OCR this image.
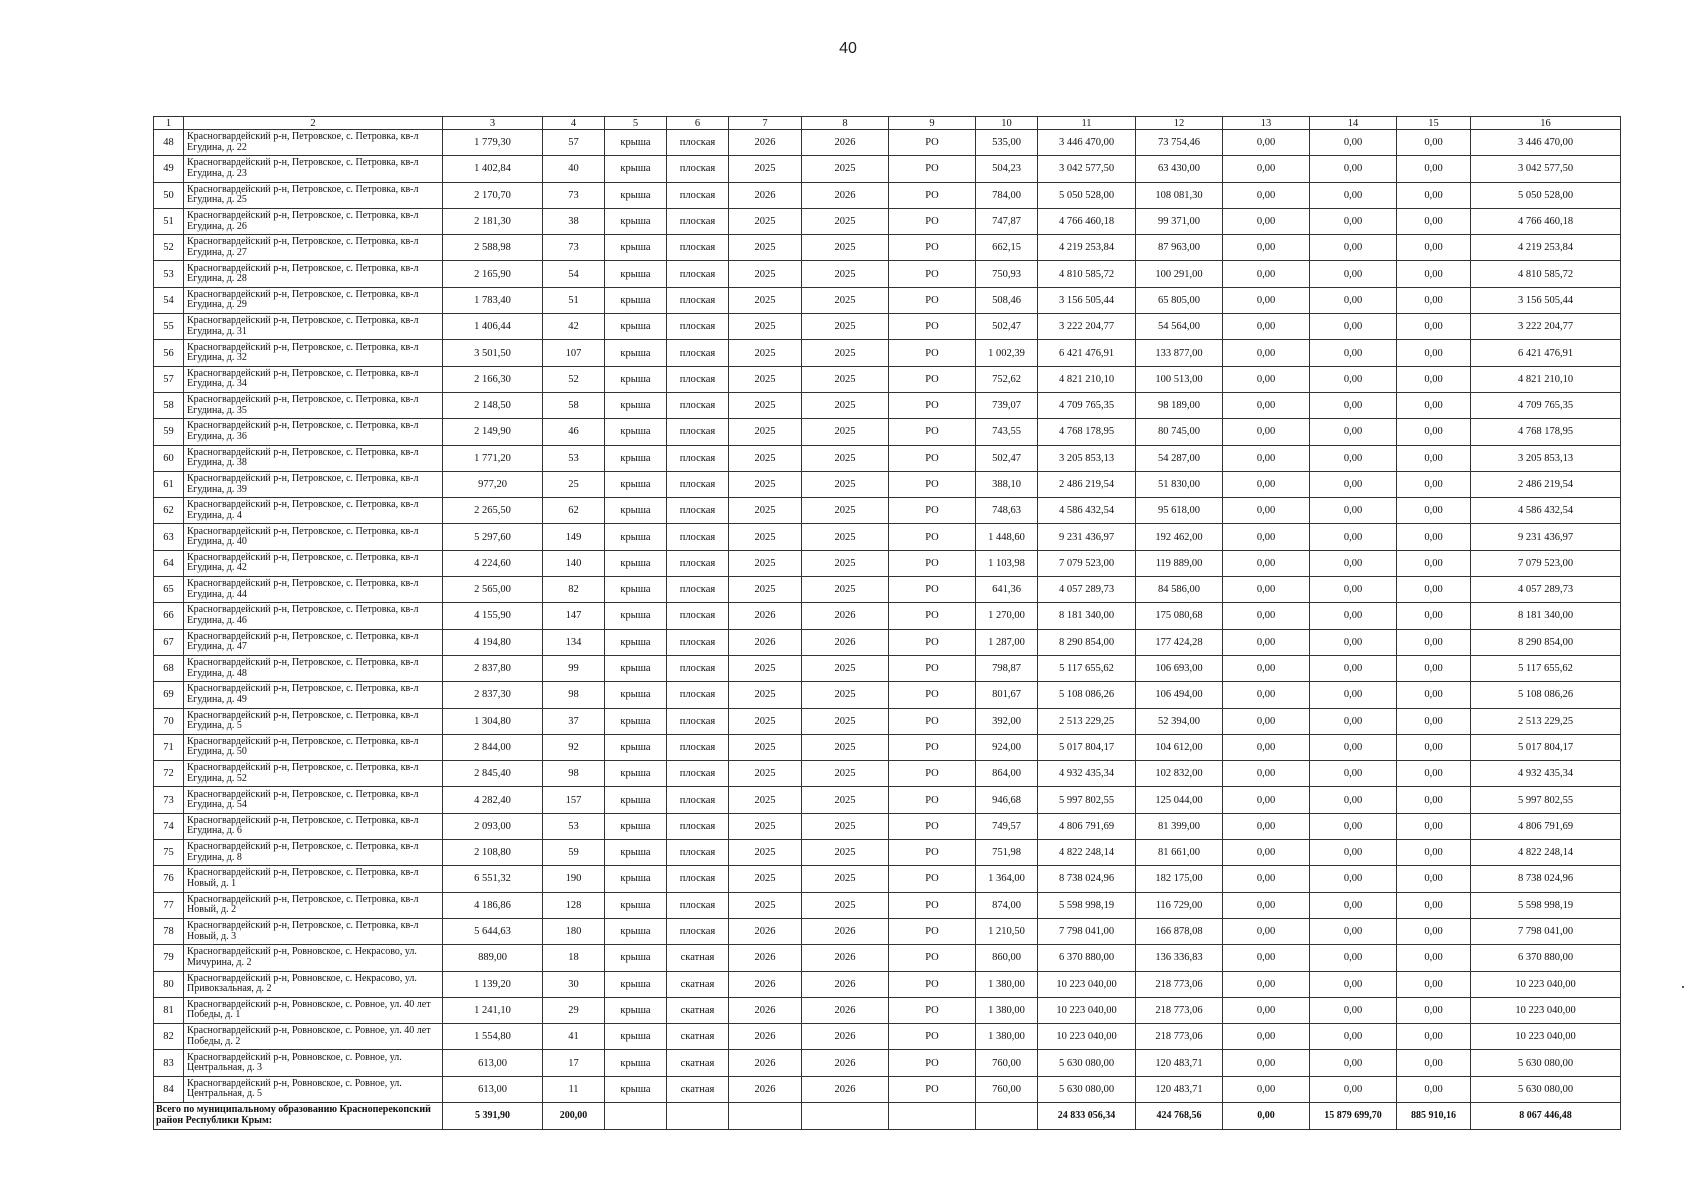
40
1	2	3	4	5	6	7	8	9	10	11	12	13	14	15	16
48	Красногвардейский р-н, Петровское, с. Петровка, кв-л Егудина, д. 22	1 779,30	57	крыша	плоская	2026	2026	РО	535,00	3 446 470,00	73 754,46	0,00	0,00	0,00	3 446 470,00
49	Красногвардейский р-н, Петровское, с. Петровка, кв-л Егудина, д. 23	1 402,84	40	крыша	плоская	2025	2025	РО	504,23	3 042 577,50	63 430,00	0,00	0,00	0,00	3 042 577,50
50	Красногвардейский р-н, Петровское, с. Петровка, кв-л Егудина, д. 25	2 170,70	73	крыша	плоская	2026	2026	РО	784,00	5 050 528,00	108 081,30	0,00	0,00	0,00	5 050 528,00
51	Красногвардейский р-н, Петровское, с. Петровка, кв-л Егудина, д. 26	2 181,30	38	крыша	плоская	2025	2025	РО	747,87	4 766 460,18	99 371,00	0,00	0,00	0,00	4 766 460,18
52	Красногвардейский р-н, Петровское, с. Петровка, кв-л Егудина, д. 27	2 588,98	73	крыша	плоская	2025	2025	РО	662,15	4 219 253,84	87 963,00	0,00	0,00	0,00	4 219 253,84
53	Красногвардейский р-н, Петровское, с. Петровка, кв-л Егудина, д. 28	2 165,90	54	крыша	плоская	2025	2025	РО	750,93	4 810 585,72	100 291,00	0,00	0,00	0,00	4 810 585,72
54	Красногвардейский р-н, Петровское, с. Петровка, кв-л Егудина, д. 29	1 783,40	51	крыша	плоская	2025	2025	РО	508,46	3 156 505,44	65 805,00	0,00	0,00	0,00	3 156 505,44
55	Красногвардейский р-н, Петровское, с. Петровка, кв-л Егудина, д. 31	1 406,44	42	крыша	плоская	2025	2025	РО	502,47	3 222 204,77	54 564,00	0,00	0,00	0,00	3 222 204,77
56	Красногвардейский р-н, Петровское, с. Петровка, кв-л Егудина, д. 32	3 501,50	107	крыша	плоская	2025	2025	РО	1 002,39	6 421 476,91	133 877,00	0,00	0,00	0,00	6 421 476,91
57	Красногвардейский р-н, Петровское, с. Петровка, кв-л Егудина, д. 34	2 166,30	52	крыша	плоская	2025	2025	РО	752,62	4 821 210,10	100 513,00	0,00	0,00	0,00	4 821 210,10
58	Красногвардейский р-н, Петровское, с. Петровка, кв-л Егудина, д. 35	2 148,50	58	крыша	плоская	2025	2025	РО	739,07	4 709 765,35	98 189,00	0,00	0,00	0,00	4 709 765,35
59	Красногвардейский р-н, Петровское, с. Петровка, кв-л Егудина, д. 36	2 149,90	46	крыша	плоская	2025	2025	РО	743,55	4 768 178,95	80 745,00	0,00	0,00	0,00	4 768 178,95
60	Красногвардейский р-н, Петровское, с. Петровка, кв-л Егудина, д. 38	1 771,20	53	крыша	плоская	2025	2025	РО	502,47	3 205 853,13	54 287,00	0,00	0,00	0,00	3 205 853,13
61	Красногвардейский р-н, Петровское, с. Петровка, кв-л Егудина, д. 39	977,20	25	крыша	плоская	2025	2025	РО	388,10	2 486 219,54	51 830,00	0,00	0,00	0,00	2 486 219,54
62	Красногвардейский р-н, Петровское, с. Петровка, кв-л Егудина, д. 4	2 265,50	62	крыша	плоская	2025	2025	РО	748,63	4 586 432,54	95 618,00	0,00	0,00	0,00	4 586 432,54
63	Красногвардейский р-н, Петровское, с. Петровка, кв-л Егудина, д. 40	5 297,60	149	крыша	плоская	2025	2025	РО	1 448,60	9 231 436,97	192 462,00	0,00	0,00	0,00	9 231 436,97
64	Красногвардейский р-н, Петровское, с. Петровка, кв-л Егудина, д. 42	4 224,60	140	крыша	плоская	2025	2025	РО	1 103,98	7 079 523,00	119 889,00	0,00	0,00	0,00	7 079 523,00
65	Красногвардейский р-н, Петровское, с. Петровка, кв-л Егудина, д. 44	2 565,00	82	крыша	плоская	2025	2025	РО	641,36	4 057 289,73	84 586,00	0,00	0,00	0,00	4 057 289,73
66	Красногвардейский р-н, Петровское, с. Петровка, кв-л Егудина, д. 46	4 155,90	147	крыша	плоская	2026	2026	РО	1 270,00	8 181 340,00	175 080,68	0,00	0,00	0,00	8 181 340,00
67	Красногвардейский р-н, Петровское, с. Петровка, кв-л Егудина, д. 47	4 194,80	134	крыша	плоская	2026	2026	РО	1 287,00	8 290 854,00	177 424,28	0,00	0,00	0,00	8 290 854,00
68	Красногвардейский р-н, Петровское, с. Петровка, кв-л Егудина, д. 48	2 837,80	99	крыша	плоская	2025	2025	РО	798,87	5 117 655,62	106 693,00	0,00	0,00	0,00	5 117 655,62
69	Красногвардейский р-н, Петровское, с. Петровка, кв-л Егудина, д. 49	2 837,30	98	крыша	плоская	2025	2025	РО	801,67	5 108 086,26	106 494,00	0,00	0,00	0,00	5 108 086,26
70	Красногвардейский р-н, Петровское, с. Петровка, кв-л Егудина, д. 5	1 304,80	37	крыша	плоская	2025	2025	РО	392,00	2 513 229,25	52 394,00	0,00	0,00	0,00	2 513 229,25
71	Красногвардейский р-н, Петровское, с. Петровка, кв-л Егудина, д. 50	2 844,00	92	крыша	плоская	2025	2025	РО	924,00	5 017 804,17	104 612,00	0,00	0,00	0,00	5 017 804,17
72	Красногвардейский р-н, Петровское, с. Петровка, кв-л Егудина, д. 52	2 845,40	98	крыша	плоская	2025	2025	РО	864,00	4 932 435,34	102 832,00	0,00	0,00	0,00	4 932 435,34
73	Красногвардейский р-н, Петровское, с. Петровка, кв-л Егудина, д. 54	4 282,40	157	крыша	плоская	2025	2025	РО	946,68	5 997 802,55	125 044,00	0,00	0,00	0,00	5 997 802,55
74	Красногвардейский р-н, Петровское, с. Петровка, кв-л Егудина, д. 6	2 093,00	53	крыша	плоская	2025	2025	РО	749,57	4 806 791,69	81 399,00	0,00	0,00	0,00	4 806 791,69
75	Красногвардейский р-н, Петровское, с. Петровка, кв-л Егудина, д. 8	2 108,80	59	крыша	плоская	2025	2025	РО	751,98	4 822 248,14	81 661,00	0,00	0,00	0,00	4 822 248,14
76	Красногвардейский р-н, Петровское, с. Петровка, кв-л Новый, д. 1	6 551,32	190	крыша	плоская	2025	2025	РО	1 364,00	8 738 024,96	182 175,00	0,00	0,00	0,00	8 738 024,96
77	Красногвардейский р-н, Петровское, с. Петровка, кв-л Новый, д. 2	4 186,86	128	крыша	плоская	2025	2025	РО	874,00	5 598 998,19	116 729,00	0,00	0,00	0,00	5 598 998,19
78	Красногвардейский р-н, Петровское, с. Петровка, кв-л Новый, д. 3	5 644,63	180	крыша	плоская	2026	2026	РО	1 210,50	7 798 041,00	166 878,08	0,00	0,00	0,00	7 798 041,00
79	Красногвардейский р-н, Ровновское, с. Некрасово, ул. Мичурина, д. 2	889,00	18	крыша	скатная	2026	2026	РО	860,00	6 370 880,00	136 336,83	0,00	0,00	0,00	6 370 880,00
80	Красногвардейский р-н, Ровновское, с. Некрасово, ул. Привокзальная, д. 2	1 139,20	30	крыша	скатная	2026	2026	РО	1 380,00	10 223 040,00	218 773,06	0,00	0,00	0,00	10 223 040,00
81	Красногвардейский р-н, Ровновское, с. Ровное, ул. 40 лет Победы, д. 1	1 241,10	29	крыша	скатная	2026	2026	РО	1 380,00	10 223 040,00	218 773,06	0,00	0,00	0,00	10 223 040,00
82	Красногвардейский р-н, Ровновское, с. Ровное, ул. 40 лет Победы, д. 2	1 554,80	41	крыша	скатная	2026	2026	РО	1 380,00	10 223 040,00	218 773,06	0,00	0,00	0,00	10 223 040,00
83	Красногвардейский р-н, Ровновское, с. Ровное, ул. Центральная, д. 3	613,00	17	крыша	скатная	2026	2026	РО	760,00	5 630 080,00	120 483,71	0,00	0,00	0,00	5 630 080,00
84	Красногвардейский р-н, Ровновское, с. Ровное, ул. Центральная, д. 5	613,00	11	крыша	скатная	2026	2026	РО	760,00	5 630 080,00	120 483,71	0,00	0,00	0,00	5 630 080,00
Всего по муниципальному образованию Красноперекопский район Республики Крым:		5 391,90	200,00							24 833 056,34	424 768,56	0,00	15 879 699,70	885 910,16	8 067 446,48
